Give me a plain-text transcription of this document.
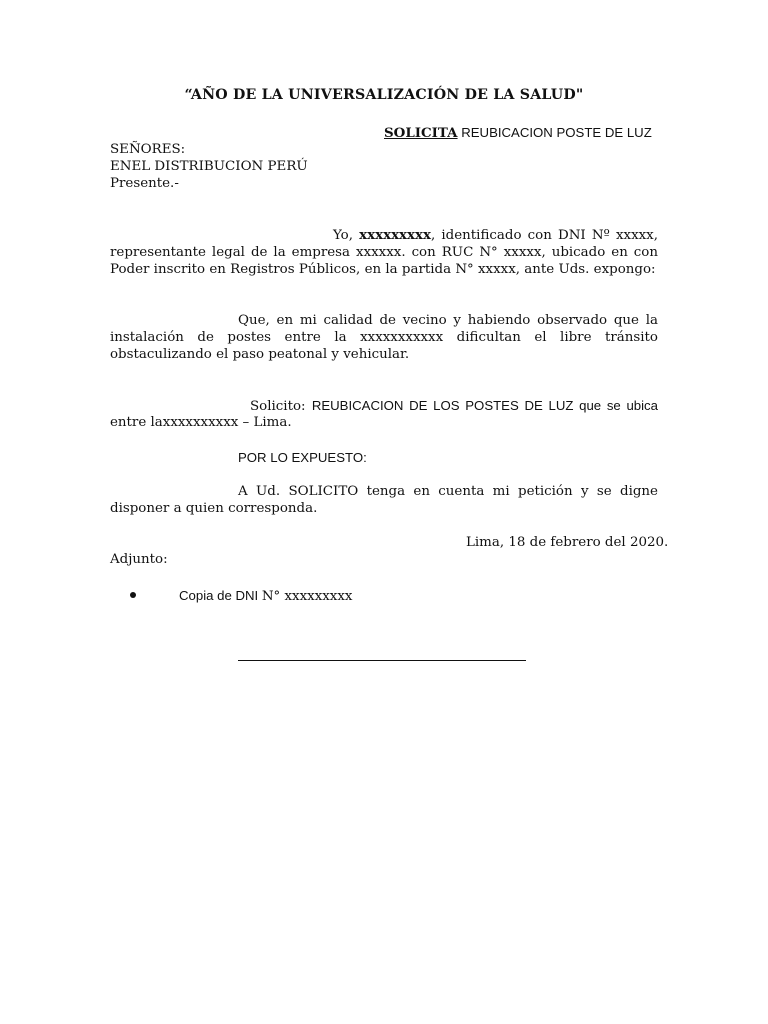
“AÑO DE LA UNIVERSALIZACIÓN DE LA SALUD"
SOLICITA REUBICACION POSTE DE LUZ
SEÑORES:
ENEL DISTRIBUCION PERÚ
Presente.-
Yo, xxxxxxxxx, identificado con DNI Nº xxxxx,
representante legal de la empresa xxxxxx. con RUC N° xxxxx, ubicado en con
Poder inscrito en Registros Públicos, en la partida N° xxxxx, ante Uds. expongo:
Que, en mi calidad de vecino y habiendo observado que la
instalación de postes entre la xxxxxxxxxxx dificultan el libre tránsito
obstaculizando el paso peatonal y vehicular.
Solicito: REUBICACION DE LOS POSTES DE LUZ que se ubica
entre laxxxxxxxxxx – Lima.
POR LO EXPUESTO:
A Ud. SOLICITO tenga en cuenta mi petición y se digne
disponer a quien corresponda.
Lima, 18 de febrero del 2020.
Adjunto:
Copia de DNI N° xxxxxxxxx
